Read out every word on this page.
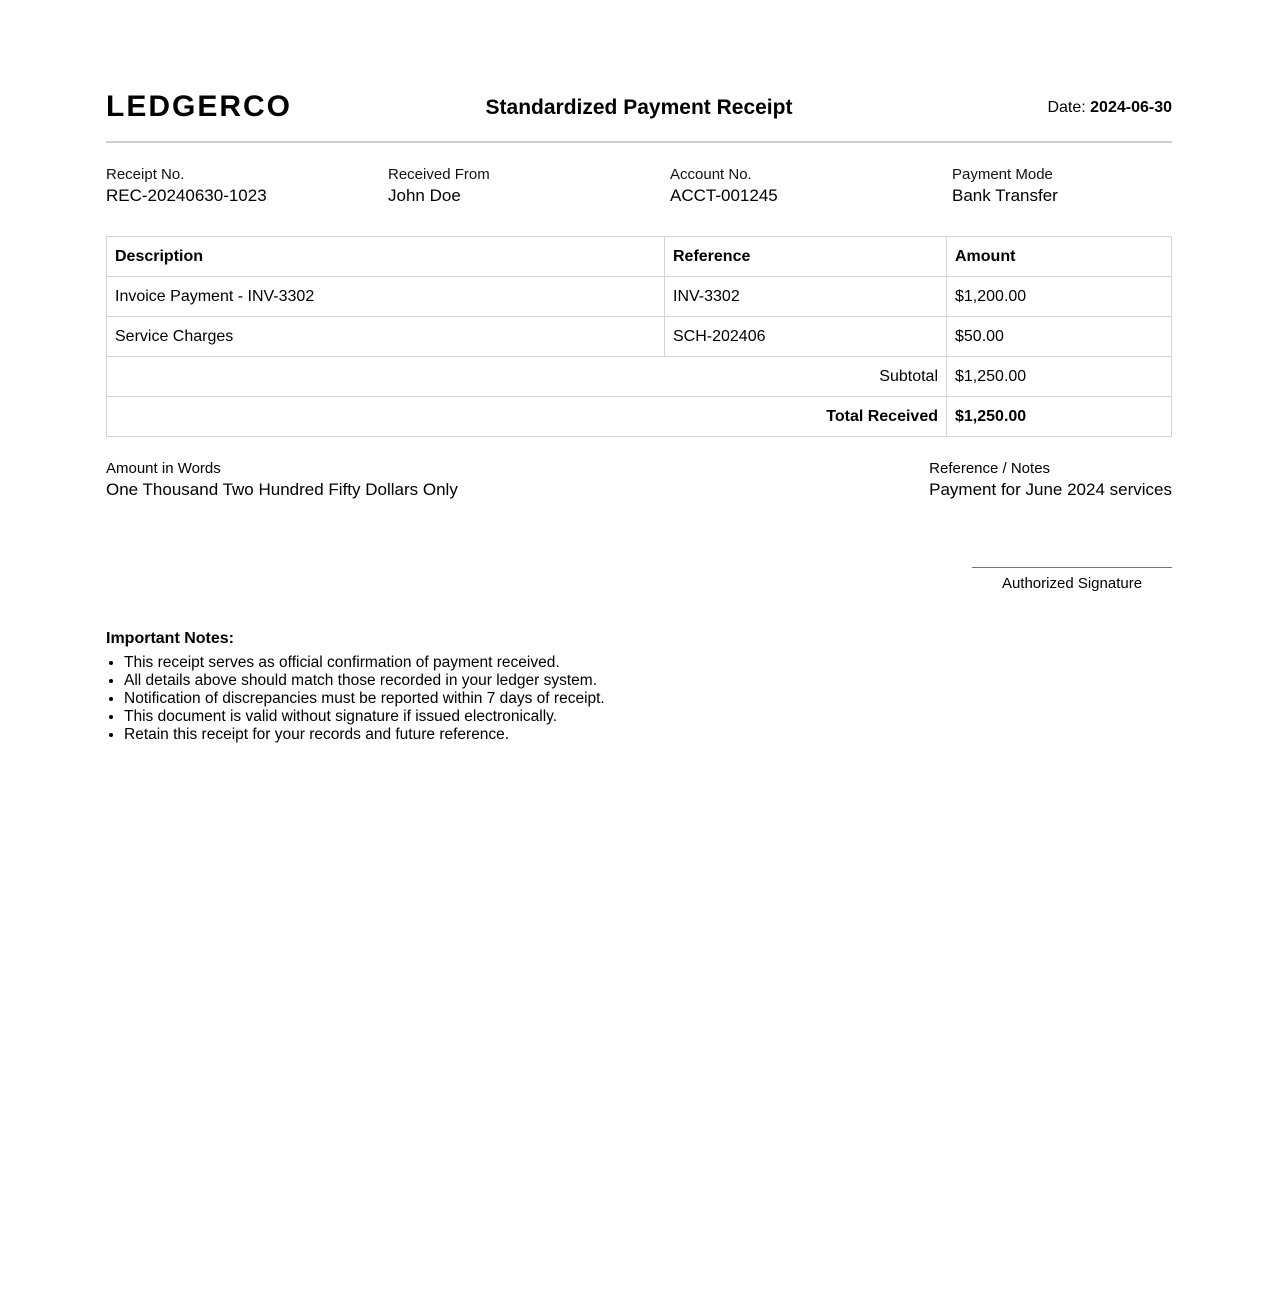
LEDGERCO	Standardized Payment Receipt	Date: 2024-06-30
Receipt No.
REC-20240630-1023
Received From
John Doe
Account No.
ACCT-001245
Payment Mode
Bank Transfer
Description	Reference	Amount
Invoice Payment - INV-3302	INV-3302	$1,200.00
Service Charges	SCH-202406	$50.00
Subtotal		$1,250.00
Total Received		$1,250.00
Amount in Words
One Thousand Two Hundred Fifty Dollars Only
Reference / Notes
Payment for June 2024 services
Authorized Signature
Important Notes:
• This receipt serves as official confirmation of payment received.
• All details above should match those recorded in your ledger system.
• Notification of discrepancies must be reported within 7 days of receipt.
• This document is valid without signature if issued electronically.
• Retain this receipt for your records and future reference.
